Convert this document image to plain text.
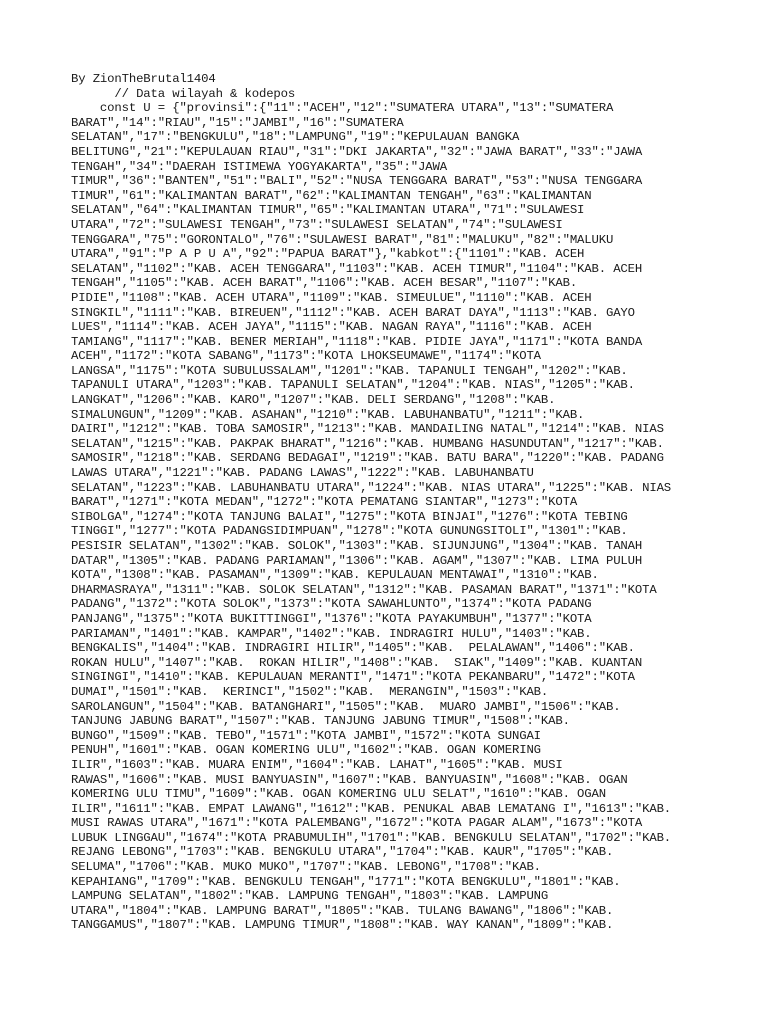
By ZionTheBrutal1404
// Data wilayah & kodepos
const U = {"provinsi":{"11":"ACEH","12":"SUMATERA UTARA","13":"SUMATERA
BARAT","14":"RIAU","15":"JAMBI","16":"SUMATERA
SELATAN","17":"BENGKULU","18":"LAMPUNG","19":"KEPULAUAN BANGKA
BELITUNG","21":"KEPULAUAN RIAU","31":"DKI JAKARTA","32":"JAWA BARAT","33":"JAWA
TENGAH","34":"DAERAH ISTIMEWA YOGYAKARTA","35":"JAWA
TIMUR","36":"BANTEN","51":"BALI","52":"NUSA TENGGARA BARAT","53":"NUSA TENGGARA
TIMUR","61":"KALIMANTAN BARAT","62":"KALIMANTAN TENGAH","63":"KALIMANTAN
SELATAN","64":"KALIMANTAN TIMUR","65":"KALIMANTAN UTARA","71":"SULAWESI
UTARA","72":"SULAWESI TENGAH","73":"SULAWESI SELATAN","74":"SULAWESI
TENGGARA","75":"GORONTALO","76":"SULAWESI BARAT","81":"MALUKU","82":"MALUKU
UTARA","91":"P A P U A","92":"PAPUA BARAT"},"kabkot":{"1101":"KAB. ACEH
SELATAN","1102":"KAB. ACEH TENGGARA","1103":"KAB. ACEH TIMUR","1104":"KAB. ACEH
TENGAH","1105":"KAB. ACEH BARAT","1106":"KAB. ACEH BESAR","1107":"KAB.
PIDIE","1108":"KAB. ACEH UTARA","1109":"KAB. SIMEULUE","1110":"KAB. ACEH
SINGKIL","1111":"KAB. BIREUEN","1112":"KAB. ACEH BARAT DAYA","1113":"KAB. GAYO
LUES","1114":"KAB. ACEH JAYA","1115":"KAB. NAGAN RAYA","1116":"KAB. ACEH
TAMIANG","1117":"KAB. BENER MERIAH","1118":"KAB. PIDIE JAYA","1171":"KOTA BANDA
ACEH","1172":"KOTA SABANG","1173":"KOTA LHOKSEUMAWE","1174":"KOTA
LANGSA","1175":"KOTA SUBULUSSALAM","1201":"KAB. TAPANULI TENGAH","1202":"KAB.
TAPANULI UTARA","1203":"KAB. TAPANULI SELATAN","1204":"KAB. NIAS","1205":"KAB.
LANGKAT","1206":"KAB. KARO","1207":"KAB. DELI SERDANG","1208":"KAB.
SIMALUNGUN","1209":"KAB. ASAHAN","1210":"KAB. LABUHANBATU","1211":"KAB.
DAIRI","1212":"KAB. TOBA SAMOSIR","1213":"KAB. MANDAILING NATAL","1214":"KAB. NIAS
SELATAN","1215":"KAB. PAKPAK BHARAT","1216":"KAB. HUMBANG HASUNDUTAN","1217":"KAB.
SAMOSIR","1218":"KAB. SERDANG BEDAGAI","1219":"KAB. BATU BARA","1220":"KAB. PADANG
LAWAS UTARA","1221":"KAB. PADANG LAWAS","1222":"KAB. LABUHANBATU
SELATAN","1223":"KAB. LABUHANBATU UTARA","1224":"KAB. NIAS UTARA","1225":"KAB. NIAS
BARAT","1271":"KOTA MEDAN","1272":"KOTA PEMATANG SIANTAR","1273":"KOTA
SIBOLGA","1274":"KOTA TANJUNG BALAI","1275":"KOTA BINJAI","1276":"KOTA TEBING
TINGGI","1277":"KOTA PADANGSIDIMPUAN","1278":"KOTA GUNUNGSITOLI","1301":"KAB.
PESISIR SELATAN","1302":"KAB. SOLOK","1303":"KAB. SIJUNJUNG","1304":"KAB. TANAH
DATAR","1305":"KAB. PADANG PARIAMAN","1306":"KAB. AGAM","1307":"KAB. LIMA PULUH
KOTA","1308":"KAB. PASAMAN","1309":"KAB. KEPULAUAN MENTAWAI","1310":"KAB.
DHARMASRAYA","1311":"KAB. SOLOK SELATAN","1312":"KAB. PASAMAN BARAT","1371":"KOTA
PADANG","1372":"KOTA SOLOK","1373":"KOTA SAWAHLUNTO","1374":"KOTA PADANG
PANJANG","1375":"KOTA BUKITTINGGI","1376":"KOTA PAYAKUMBUH","1377":"KOTA
PARIAMAN","1401":"KAB. KAMPAR","1402":"KAB. INDRAGIRI HULU","1403":"KAB.
BENGKALIS","1404":"KAB. INDRAGIRI HILIR","1405":"KAB.  PELALAWAN","1406":"KAB.
ROKAN HULU","1407":"KAB.  ROKAN HILIR","1408":"KAB.  SIAK","1409":"KAB. KUANTAN
SINGINGI","1410":"KAB. KEPULAUAN MERANTI","1471":"KOTA PEKANBARU","1472":"KOTA
DUMAI","1501":"KAB.  KERINCI","1502":"KAB.  MERANGIN","1503":"KAB.
SAROLANGUN","1504":"KAB. BATANGHARI","1505":"KAB.  MUARO JAMBI","1506":"KAB.
TANJUNG JABUNG BARAT","1507":"KAB. TANJUNG JABUNG TIMUR","1508":"KAB.
BUNGO","1509":"KAB. TEBO","1571":"KOTA JAMBI","1572":"KOTA SUNGAI
PENUH","1601":"KAB. OGAN KOMERING ULU","1602":"KAB. OGAN KOMERING
ILIR","1603":"KAB. MUARA ENIM","1604":"KAB. LAHAT","1605":"KAB. MUSI
RAWAS","1606":"KAB. MUSI BANYUASIN","1607":"KAB. BANYUASIN","1608":"KAB. OGAN
KOMERING ULU TIMU","1609":"KAB. OGAN KOMERING ULU SELAT","1610":"KAB. OGAN
ILIR","1611":"KAB. EMPAT LAWANG","1612":"KAB. PENUKAL ABAB LEMATANG I","1613":"KAB.
MUSI RAWAS UTARA","1671":"KOTA PALEMBANG","1672":"KOTA PAGAR ALAM","1673":"KOTA
LUBUK LINGGAU","1674":"KOTA PRABUMULIH","1701":"KAB. BENGKULU SELATAN","1702":"KAB.
REJANG LEBONG","1703":"KAB. BENGKULU UTARA","1704":"KAB. KAUR","1705":"KAB.
SELUMA","1706":"KAB. MUKO MUKO","1707":"KAB. LEBONG","1708":"KAB.
KEPAHIANG","1709":"KAB. BENGKULU TENGAH","1771":"KOTA BENGKULU","1801":"KAB.
LAMPUNG SELATAN","1802":"KAB. LAMPUNG TENGAH","1803":"KAB. LAMPUNG
UTARA","1804":"KAB. LAMPUNG BARAT","1805":"KAB. TULANG BAWANG","1806":"KAB.
TANGGAMUS","1807":"KAB. LAMPUNG TIMUR","1808":"KAB. WAY KANAN","1809":"KAB.
